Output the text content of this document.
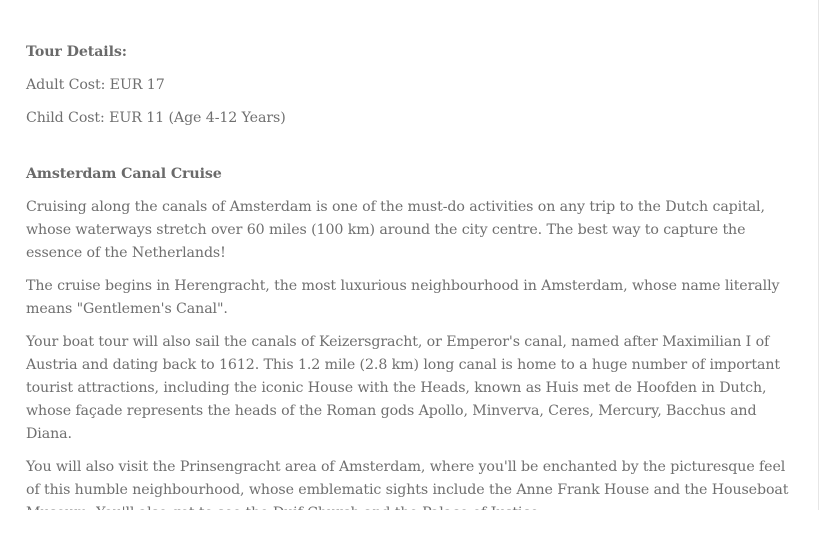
Tour Details:

Adult Cost: EUR 17

Child Cost: EUR 11 (Age 4-12 Years)

Amsterdam Canal Cruise

Cruising along the canals of Amsterdam is one of the must-do activities on any trip to the Dutch capital, whose waterways stretch over 60 miles (100 km) around the city centre. The best way to capture the essence of the Netherlands!

The cruise begins in Herengracht, the most luxurious neighbourhood in Amsterdam, whose name literally means "Gentlemen's Canal".

Your boat tour will also sail the canals of Keizersgracht, or Emperor's canal, named after Maximilian I of Austria and dating back to 1612. This 1.2 mile (2.8 km) long canal is home to a huge number of important tourist attractions, including the iconic House with the Heads, known as Huis met de Hoofden in Dutch, whose façade represents the heads of the Roman gods Apollo, Minverva, Ceres, Mercury, Bacchus and Diana.

You will also visit the Prinsengracht area of Amsterdam, where you'll be enchanted by the picturesque feel of this humble neighbourhood, whose emblematic sights include the Anne Frank House and the Houseboat
